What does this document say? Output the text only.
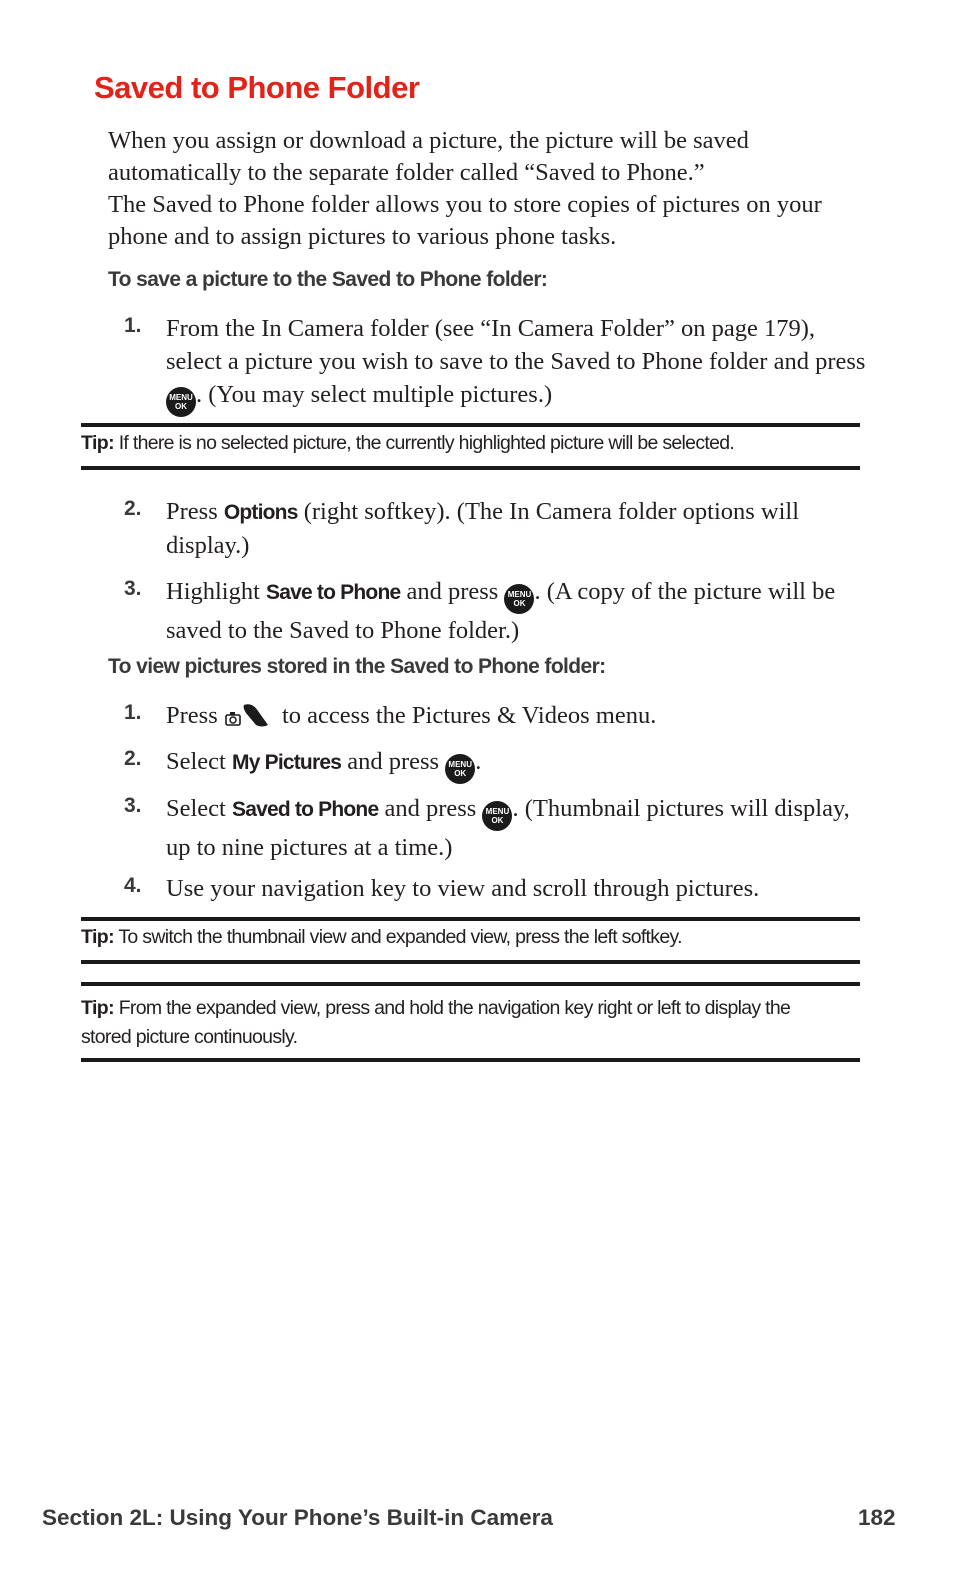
Saved to Phone Folder

When you assign or download a picture, the picture will be saved automatically to the separate folder called “Saved to Phone.”

The Saved to Phone folder allows you to store copies of pictures on your phone and to assign pictures to various phone tasks.

To save a picture to the Saved to Phone folder:
1. From the In Camera folder (see “In Camera Folder” on page 179), select a picture you wish to save to the Saved to Phone folder and press
MENU
OK . (You may select multiple pictures.)
Tip: If there is no selected picture, the currently highlighted picture will be selected.
2. Press Options (right softkey). (The In Camera folder options will display.)
3. Highlight Save to Phone and press	MENU
OK . (A copy of the picture will be saved to the Saved to Phone folder.)
To view pictures stored in the Saved to Phone folder:
1. Press	to access the Pictures & Videos menu.
2. Select My Pictures and press	MENU
OK .
3. Select Saved to Phone and press	MENU
OK . (Thumbnail pictures will display, up to nine pictures at a time.)
4. Use your navigation key to view and scroll through pictures.
Tip: To switch the thumbnail view and expanded view, press the left softkey.
Tip: From the expanded view, press and hold the navigation key right or left to display the stored picture continuously.
Section 2L: Using Your Phone’s Built-in Camera	182
